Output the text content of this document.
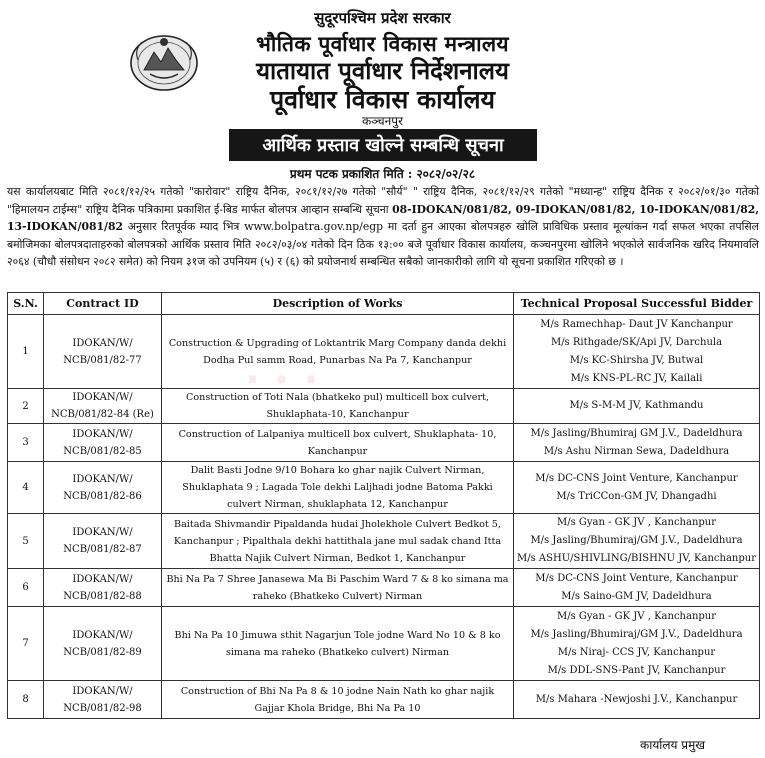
सुदूरपश्चिम प्रदेश सरकार
भौतिक पूर्वाधार विकास मन्त्रालय
यातायात पूर्वाधार निर्देशनालय
पूर्वाधार विकास कार्यालय
कञ्चनपुर
आर्थिक प्रस्ताव खोल्ने सम्बन्धि सूचना
प्रथम पटक प्रकाशित मिति : २०८२/०२/२८
यस कार्यालयबाट मिति २०८१/१२/२५ गतेको "कारोवार" राष्ट्रिय दैनिक, २०८१/१२/२७ गतेको "सौर्य" " राष्ट्रिय दैनिक, २०८१/१२/२९ गतेको "मध्यान्ह" राष्ट्रिय दैनिक र २०८२/०१/३० गतेको "हिमालयन टाईम्स" राष्ट्रिय दैनिक पत्रिकामा प्रकाशित ई-बिड मार्फत बोलपत्र आव्हान सम्बन्धि सूचना 08-IDOKAN/081/82, 09-IDOKAN/081/82, 10-IDOKAN/081/82, 13-IDOKAN/081/82 अनुसार रितपूर्वक म्याद भित्र www.bolpatra.gov.np/egp मा दर्ता हुन आएका बोलपत्रहरु खोलि प्राविधिक प्रस्ताव मूल्यांकन गर्दा सफल भएका तपसिल बमोजिमका बोलपत्रदाताहरुको बोलपत्रको आर्थिक प्रस्ताव मिति २०८२/०३/०४ गतेको दिन ठिक १३:०० बजे पूर्वाधार विकास कार्यालय, कञ्चनपुरमा खोलिने भएकोले सार्वजनिक खरिद नियमावलि २०६४ (चौधौ संसोधन २०८२ समेत) को नियम ३१ज को उपनियम (५) र (६) को प्रयोजनार्थ सम्बन्धित सबैको जानकारीको लागि यो सूचना प्रकाशित गरिएको छ ।
· · ·
S.N.	Contract ID	Description of Works	Technical Proposal Successful Bidder
1	IDOKAN/W/ NCB/081/82-77	Construction & Upgrading of Loktantrik Marg Company danda dekhi Dodha Pul samm Road, Punarbas Na Pa 7, Kanchanpur	M/s Ramechhap- Daut JV Kanchanpur
M/s Rithgade/SK/Api JV, Darchula
M/s KC-Shirsha JV, Butwal
M/s KNS-PL-RC JV, Kailali

2	IDOKAN/W/ NCB/081/82-84 (Re)	Construction of Toti Nala (bhatkeko pul) multicell box culvert, Shuklaphata-10, Kanchanpur	M/s S-M-M JV, Kathmandu

3	IDOKAN/W/ NCB/081/82-85	Construction of Lalpaniya multicell box culvert, Shuklaphata- 10, Kanchanpur	M/s Jasling/Bhumiraj GM J.V., Dadeldhura
M/s Ashu Nirman Sewa, Dadeldhura

4	IDOKAN/W/ NCB/081/82-86	Dalit Basti Jodne 9/10 Bohara ko ghar najik Culvert Nirman, Shuklaphata 9 ; Lagada Tole dekhi Laljhadi jodne Batoma Pakki culvert Nirman, shuklaphata 12, Kanchanpur	M/s DC-CNS Joint Venture, Kanchanpur
M/s TriCCon-GM JV, Dhangadhi

5	IDOKAN/W/ NCB/081/82-87	Baitada Shivmandir Pipaldanda hudai Jholekhole Culvert Bedkot 5, Kanchanpur ; Pipalthala dekhi hattithala jane mul sadak chand Itta Bhatta Najik Culvert Nirman, Bedkot 1, Kanchanpur	M/s Gyan - GK JV , Kanchanpur
M/s Jasling/Bhumiraj/GM J.V., Dadeldhura
M/s ASHU/SHIVLING/BISHNU JV, Kanchanpur

6	IDOKAN/W/ NCB/081/82-88	Bhi Na Pa 7 Shree Janasewa Ma Bi Paschim Ward 7 & 8 ko simana ma raheko (Bhatkeko Culvert) Nirman	M/s DC-CNS Joint Venture, Kanchanpur
M/s Saino-GM JV, Dadeldhura

7	IDOKAN/W/ NCB/081/82-89	Bhi Na Pa 10 Jimuwa sthit Nagarjun Tole jodne Ward No 10 & 8 ko simana ma raheko (Bhatkeko culvert) Nirman	M/s Gyan - GK JV , Kanchanpur
M/s Jasling/Bhumiraj/GM J.V., Dadeldhura
M/s Niraj- CCS JV, Kanchanpur
M/s DDL-SNS-Pant JV, Kanchanpur

8	IDOKAN/W/ NCB/081/82-98	Construction of Bhi Na Pa 8 & 10 jodne Nain Nath ko ghar najik Gajjar Khola Bridge, Bhi Na Pa 10	M/s Mahara -Newjoshi J.V., Kanchanpur
कार्यालय प्रमुख
